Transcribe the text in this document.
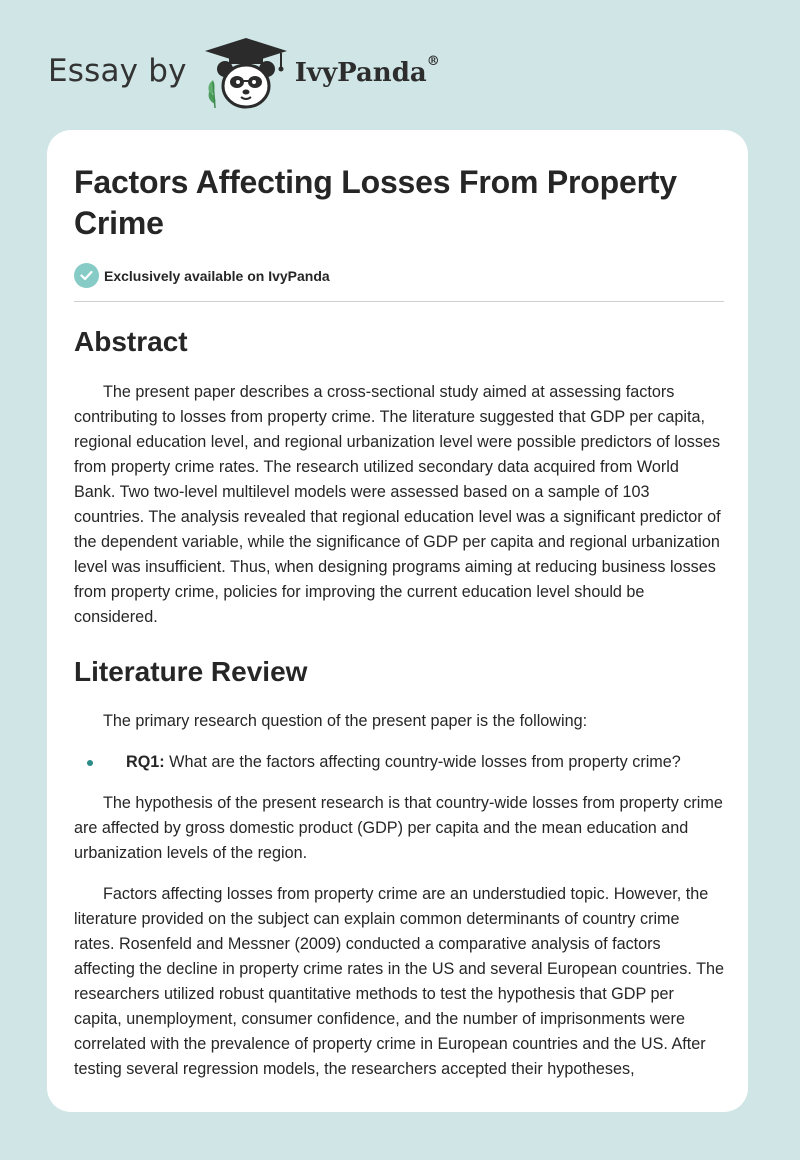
Essay by	IvyPanda®
Factors Affecting Losses From Property Crime
Exclusively available on IvyPanda
Abstract

The present paper describes a cross-sectional study aimed at assessing factors contributing to losses from property crime. The literature suggested that GDP per capita, regional education level, and regional urbanization level were possible predictors of losses from property crime rates. The research utilized secondary data acquired from World Bank. Two two-level multilevel models were assessed based on a sample of 103 countries. The analysis revealed that regional education level was a significant predictor of the dependent variable, while the significance of GDP per capita and regional urbanization level was insufficient. Thus, when designing programs aiming at reducing business losses from property crime, policies for improving the current education level should be considered.

Literature Review

The primary research question of the present paper is the following:

RQ1: What are the factors affecting country-wide losses from property crime?

The hypothesis of the present research is that country-wide losses from property crime are affected by gross domestic product (GDP) per capita and the mean education and urbanization levels of the region.

Factors affecting losses from property crime are an understudied topic. However, the literature provided on the subject can explain common determinants of country crime rates. Rosenfeld and Messner (2009) conducted a comparative analysis of factors affecting the decline in property crime rates in the US and several European countries. The researchers utilized robust quantitative methods to test the hypothesis that GDP per capita, unemployment, consumer confidence, and the number of imprisonments were correlated with the prevalence of property crime in European countries and the US. After testing several regression models, the researchers accepted their hypotheses,
